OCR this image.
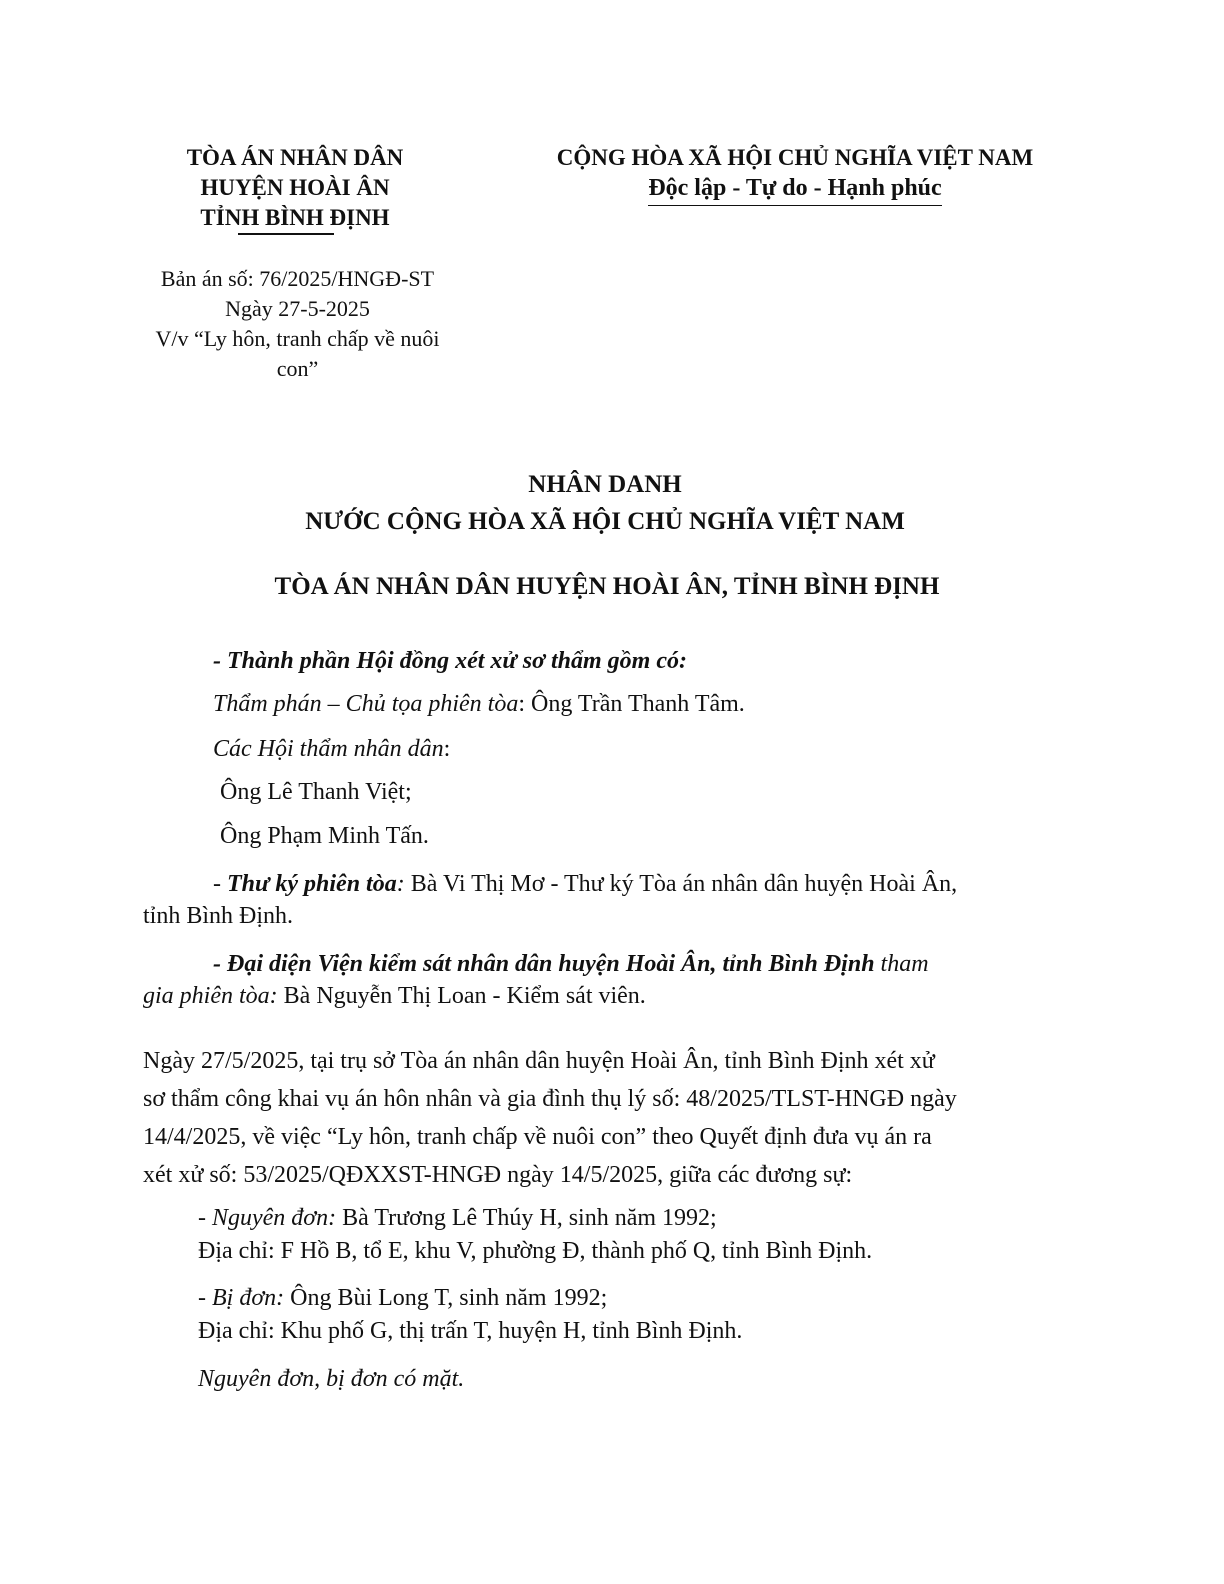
TÒA ÁN NHÂN DÂN
HUYỆN HOÀI ÂN
TỈNH BÌNH ĐỊNH
Bản án số: 76/2025/HNGĐ-ST
Ngày 27-5-2025
V/v “Ly hôn, tranh chấp về nuôi
con”
CỘNG HÒA XÃ HỘI CHỦ NGHĨA VIỆT NAM
Độc lập - Tự do - Hạnh phúc
NHÂN DANH
NƯỚC CỘNG HÒA XÃ HỘI CHỦ NGHĨA VIỆT NAM
TÒA ÁN NHÂN DÂN HUYỆN HOÀI ÂN, TỈNH BÌNH ĐỊNH
- Thành phần Hội đồng xét xử sơ thẩm gồm có:
Thẩm phán – Chủ tọa phiên tòa: Ông Trần Thanh Tâm.
Các Hội thẩm nhân dân:
Ông Lê Thanh Việt;
Ông Phạm Minh Tấn.
- Thư ký phiên tòa: Bà Vi Thị Mơ - Thư ký Tòa án nhân dân huyện Hoài Ân,
tỉnh Bình Định.
- Đại diện Viện kiểm sát nhân dân huyện Hoài Ân, tỉnh Bình Định tham
gia phiên tòa: Bà Nguyễn Thị Loan - Kiểm sát viên.
Ngày 27/5/2025, tại trụ sở Tòa án nhân dân huyện Hoài Ân, tỉnh Bình Định xét xử
sơ thẩm công khai vụ án hôn nhân và gia đình thụ lý số: 48/2025/TLST-HNGĐ ngày
14/4/2025, về việc “Ly hôn, tranh chấp về nuôi con” theo Quyết định đưa vụ án ra
xét xử số: 53/2025/QĐXXST-HNGĐ ngày 14/5/2025, giữa các đương sự:
- Nguyên đơn: Bà Trương Lê Thúy H, sinh năm 1992;
Địa chỉ: F Hồ B, tổ E, khu V, phường Đ, thành phố Q, tỉnh Bình Định.
- Bị đơn: Ông Bùi Long T, sinh năm 1992;
Địa chỉ: Khu phố G, thị trấn T, huyện H, tỉnh Bình Định.
Nguyên đơn, bị đơn có mặt.
